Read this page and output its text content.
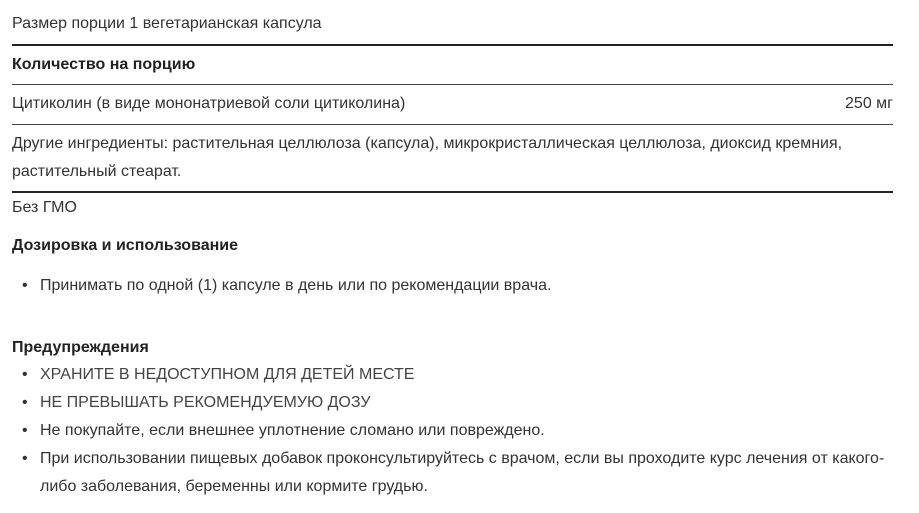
Размер порции 1 вегетарианская капсула
Количество на порцию
Цитиколин (в виде мононатриевой соли цитиколина)	250 мг
Другие ингредиенты: растительная целлюлоза (капсула), микрокристаллическая целлюлоза, диоксид кремния, растительный стеарат.
Без ГМО
Дозировка и использование
• Принимать по одной (1) капсуле в день или по рекомендации врача.
Предупреждения
• ХРАНИТЕ В НЕДОСТУПНОМ ДЛЯ ДЕТЕЙ МЕСТЕ
• НЕ ПРЕВЫШАТЬ РЕКОМЕНДУЕМУЮ ДОЗУ
• Не покупайте, если внешнее уплотнение сломано или повреждено.
• При использовании пищевых добавок проконсультируйтесь с врачом, если вы проходите курс лечения от какого-либо заболевания, беременны или кормите грудью.
